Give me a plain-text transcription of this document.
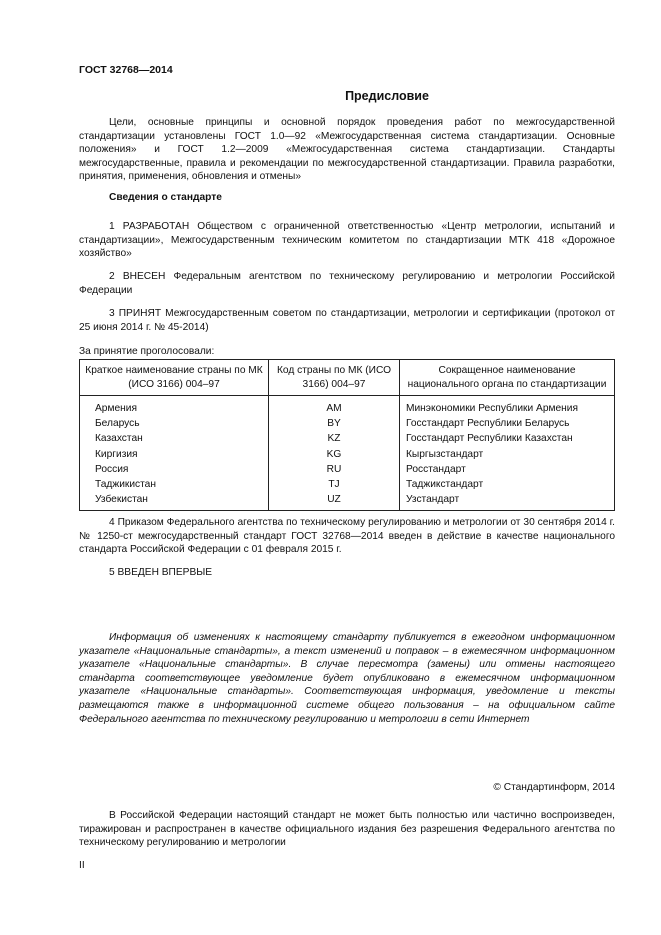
ГОСТ 32768—2014
Предисловие

Цели, основные принципы и основной порядок проведения работ по межгосударственной стандартизации установлены ГОСТ 1.0—92 «Межгосударственная система стандартизации. Основные положения» и ГОСТ 1.2—2009 «Межгосударственная система стандартизации. Стандарты межгосударственные, правила и рекомендации по межгосударственной стандартизации. Правила разработки, принятия, применения, обновления и отмены»

Сведения о стандарте

1 РАЗРАБОТАН Обществом с ограниченной ответственностью «Центр метрологии, испытаний и стандартизации», Межгосударственным техническим комитетом по стандартизации МТК 418 «Дорожное хозяйство»

2 ВНЕСЕН Федеральным агентством по техническому регулированию и метрологии Российской Федерации

3 ПРИНЯТ Межгосударственным советом по стандартизации, метрологии и сертификации (протокол от 25 июня 2014 г. № 45-2014)

За принятие проголосовали:
Краткое наименование страны по МК (ИСО 3166) 004–97	Код страны по МК (ИСО 3166) 004–97	Сокращенное наименование национального органа по стандартизации
Армения	AM	Минэкономики Республики Армения
Беларусь	BY	Госстандарт Республики Беларусь
Казахстан	KZ	Госстандарт Республики Казахстан
Киргизия	KG	Кыргызстандарт
Россия	RU	Росстандарт
Таджикистан	TJ	Таджикстандарт
Узбекистан	UZ	Узстандарт

4 Приказом Федерального агентства по техническому регулированию и метрологии от 30 сентября 2014 г. № 1250-ст межгосударственный стандарт ГОСТ 32768—2014 введен в действие в качестве национального стандарта Российской Федерации с 01 февраля 2015 г.

5 ВВЕДЕН ВПЕРВЫЕ

Информация об изменениях к настоящему стандарту публикуется в ежегодном информационном указателе «Национальные стандарты», а текст изменений и поправок – в ежемесячном информационном указателе «Национальные стандарты». В случае пересмотра (замены) или отмены настоящего стандарта соответствующее уведомление будет опубликовано в ежемесячном информационном указателе «Национальные стандарты». Соответствующая информация, уведомление и тексты размещаются также в информационной системе общего пользования – на официальном сайте Федерального агентства по техническому регулированию и метрологии в сети Интернет

© Стандартинформ, 2014

В Российской Федерации настоящий стандарт не может быть полностью или частично воспроизведен, тиражирован и распространен в качестве официального издания без разрешения Федерального агентства по техническому регулированию и метрологии

II
